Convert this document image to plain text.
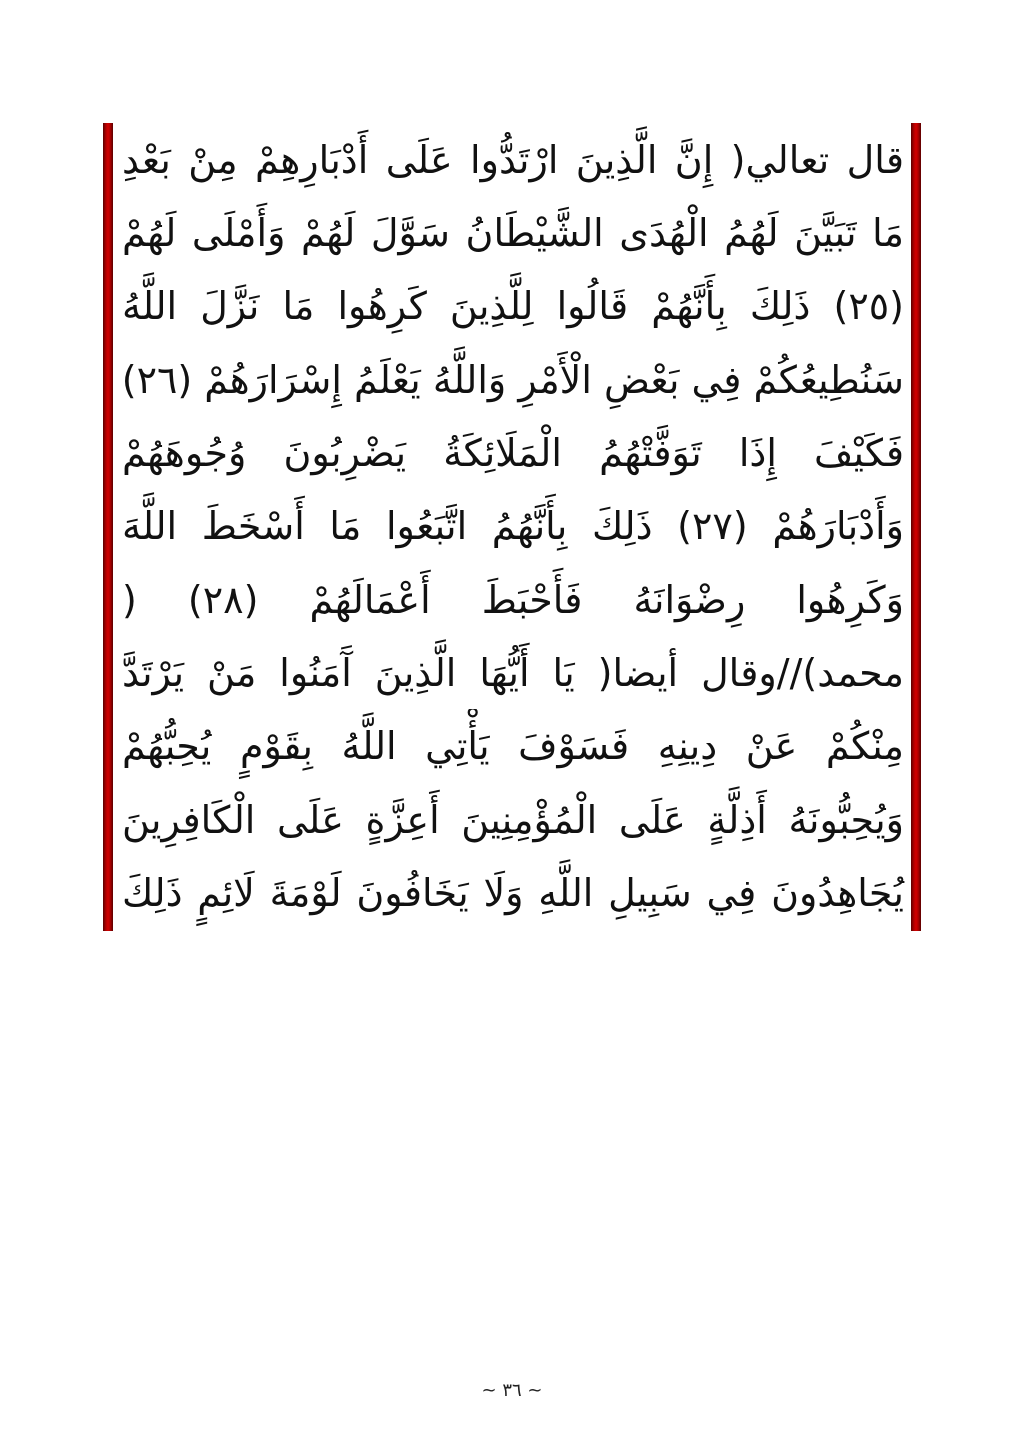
قال تعالي( إِنَّ الَّذِينَ ارْتَدُّوا عَلَى أَدْبَارِهِمْ مِنْ بَعْدِ
مَا تَبَيَّنَ لَهُمُ الْهُدَى الشَّيْطَانُ سَوَّلَ لَهُمْ وَأَمْلَى لَهُمْ
(٢٥) ذَلِكَ بِأَنَّهُمْ قَالُوا لِلَّذِينَ كَرِهُوا مَا نَزَّلَ اللَّهُ
سَنُطِيعُكُمْ فِي بَعْضِ الْأَمْرِ وَاللَّهُ يَعْلَمُ إِسْرَارَهُمْ (٢٦)
فَكَيْفَ إِذَا تَوَفَّتْهُمُ الْمَلَائِكَةُ يَضْرِبُونَ وُجُوهَهُمْ
وَأَدْبَارَهُمْ (٢٧) ذَلِكَ بِأَنَّهُمُ اتَّبَعُوا مَا أَسْخَطَ اللَّهَ
وَكَرِهُوا رِضْوَانَهُ فَأَحْبَطَ أَعْمَالَهُمْ (٢٨) (
محمد)//وقال أيضا( يَا أَيُّهَا الَّذِينَ آَمَنُوا مَنْ يَرْتَدَّ
مِنْكُمْ عَنْ دِينِهِ فَسَوْفَ يَأْتِي اللَّهُ بِقَوْمٍ يُحِبُّهُمْ
وَيُحِبُّونَهُ أَذِلَّةٍ عَلَى الْمُؤْمِنِينَ أَعِزَّةٍ عَلَى الْكَافِرِينَ
يُجَاهِدُونَ فِي سَبِيلِ اللَّهِ وَلَا يَخَافُونَ لَوْمَةَ لَائِمٍ ذَلِكَ
~ ٣٦ ~
